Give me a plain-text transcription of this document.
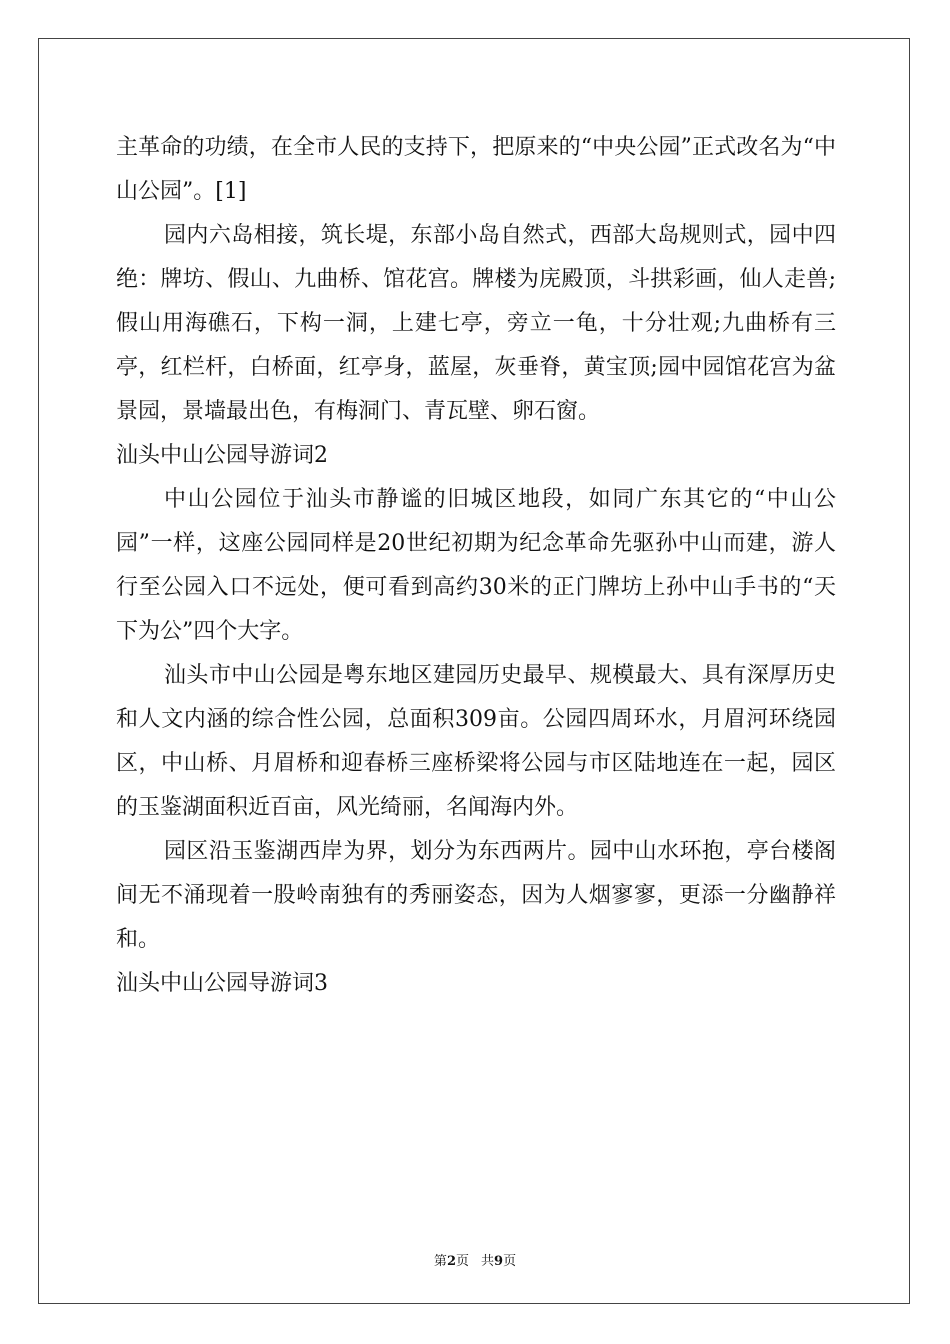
主革命的功绩，在全市人民的支持下，把原来的“中央公园”正式改名为“中山公园”。[1]

园内六岛相接，筑长堤，东部小岛自然式，西部大岛规则式，园中四绝：牌坊、假山、九曲桥、馆花宫。牌楼为庑殿顶，斗拱彩画，仙人走兽;假山用海礁石，下构一洞，上建七亭，旁立一龟，十分壮观;九曲桥有三亭，红栏杆，白桥面，红亭身，蓝屋，灰垂脊，黄宝顶;园中园馆花宫为盆景园，景墙最出色，有梅洞门、青瓦壁、卵石窗。

汕头中山公园导游词2

中山公园位于汕头市静谧的旧城区地段，如同广东其它的“中山公园”一样，这座公园同样是20世纪初期为纪念革命先驱孙中山而建，游人行至公园入口不远处，便可看到高约30米的正门牌坊上孙中山手书的“天下为公”四个大字。

汕头市中山公园是粤东地区建园历史最早、规模最大、具有深厚历史和人文内涵的综合性公园，总面积309亩。公园四周环水，月眉河环绕园区，中山桥、月眉桥和迎春桥三座桥梁将公园与市区陆地连在一起，园区的玉鉴湖面积近百亩，风光绮丽，名闻海内外。

园区沿玉鉴湖西岸为界，划分为东西两片。园中山水环抱，亭台楼阁间无不涌现着一股岭南独有的秀丽姿态，因为人烟寥寥，更添一分幽静祥和。

汕头中山公园导游词3

第2页 共9页
